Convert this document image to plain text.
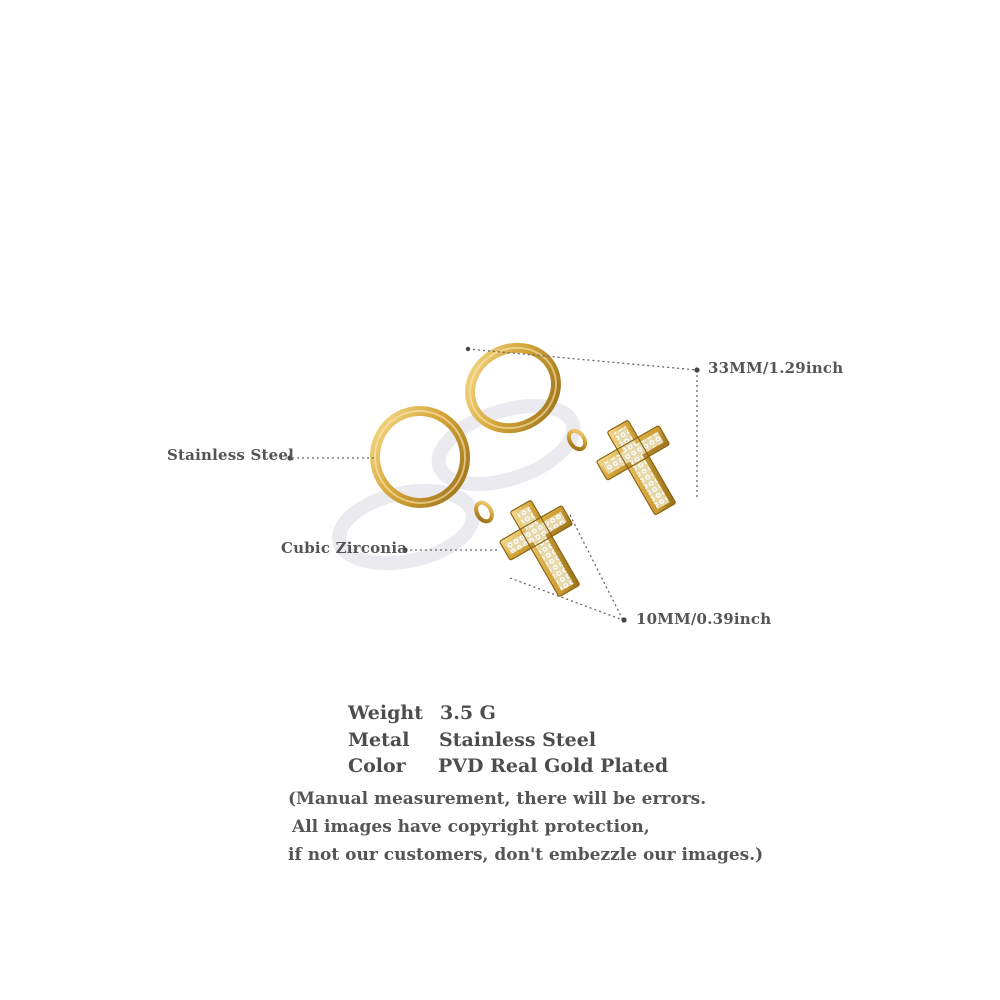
Stainless Steel
Cubic Zirconia
33MM/1.29inch
10MM/0.39inch
Weight 3.5 G
Metal	Stainless Steel
Color	PVD Real Gold Plated
(Manual measurement, there will be errors.
All images have copyright protection,
if not our customers, don't embezzle our images.)
